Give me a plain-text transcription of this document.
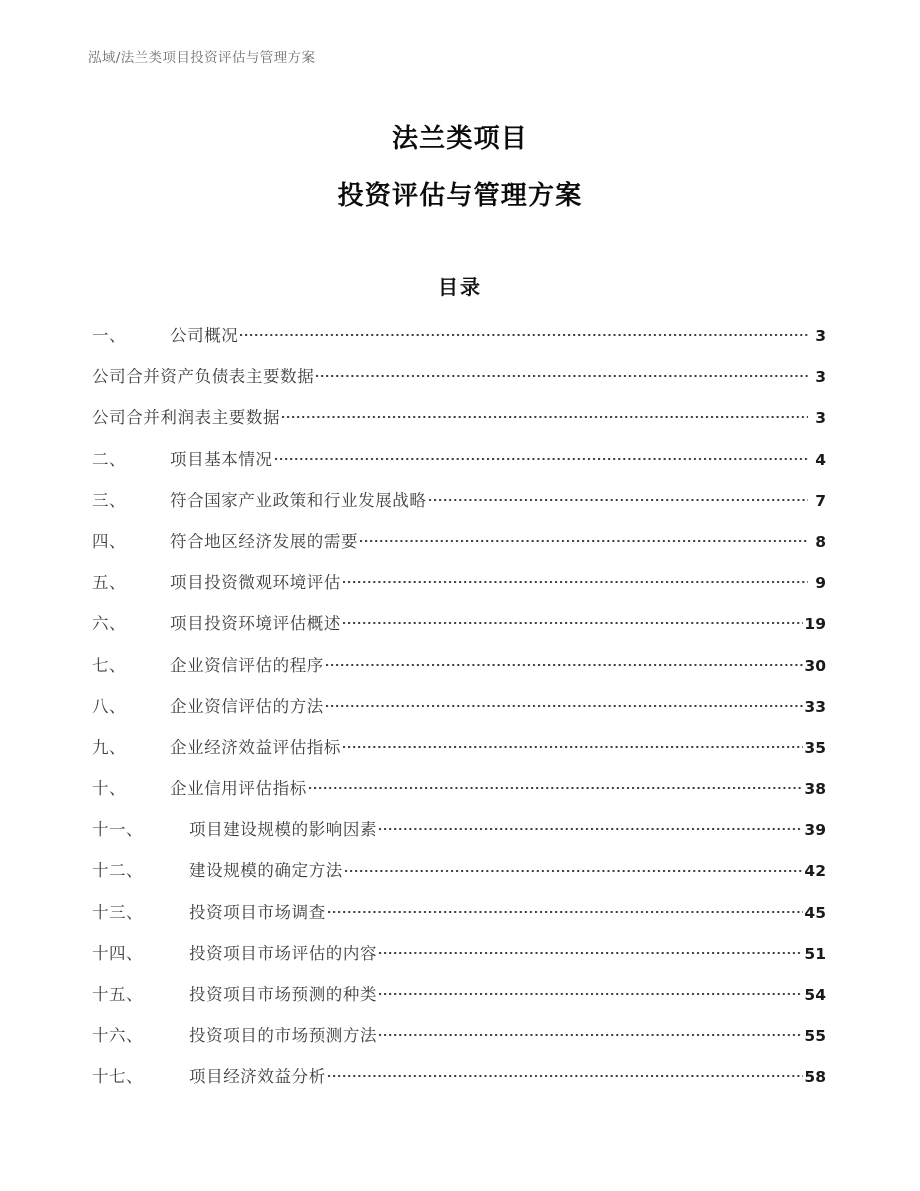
泓域/法兰类项目投资评估与管理方案
法兰类项目
投资评估与管理方案
目录
一、	公司概况	3
公司合并资产负债表主要数据	3
公司合并利润表主要数据	3
二、	项目基本情况	4
三、	符合国家产业政策和行业发展战略	7
四、	符合地区经济发展的需要	8
五、	项目投资微观环境评估	9
六、	项目投资环境评估概述	19
七、	企业资信评估的程序	30
八、	企业资信评估的方法	33
九、	企业经济效益评估指标	35
十、	企业信用评估指标	38
十一、	项目建设规模的影响因素	39
十二、	建设规模的确定方法	42
十三、	投资项目市场调查	45
十四、	投资项目市场评估的内容	51
十五、	投资项目市场预测的种类	54
十六、	投资项目的市场预测方法	55
十七、	项目经济效益分析	58
